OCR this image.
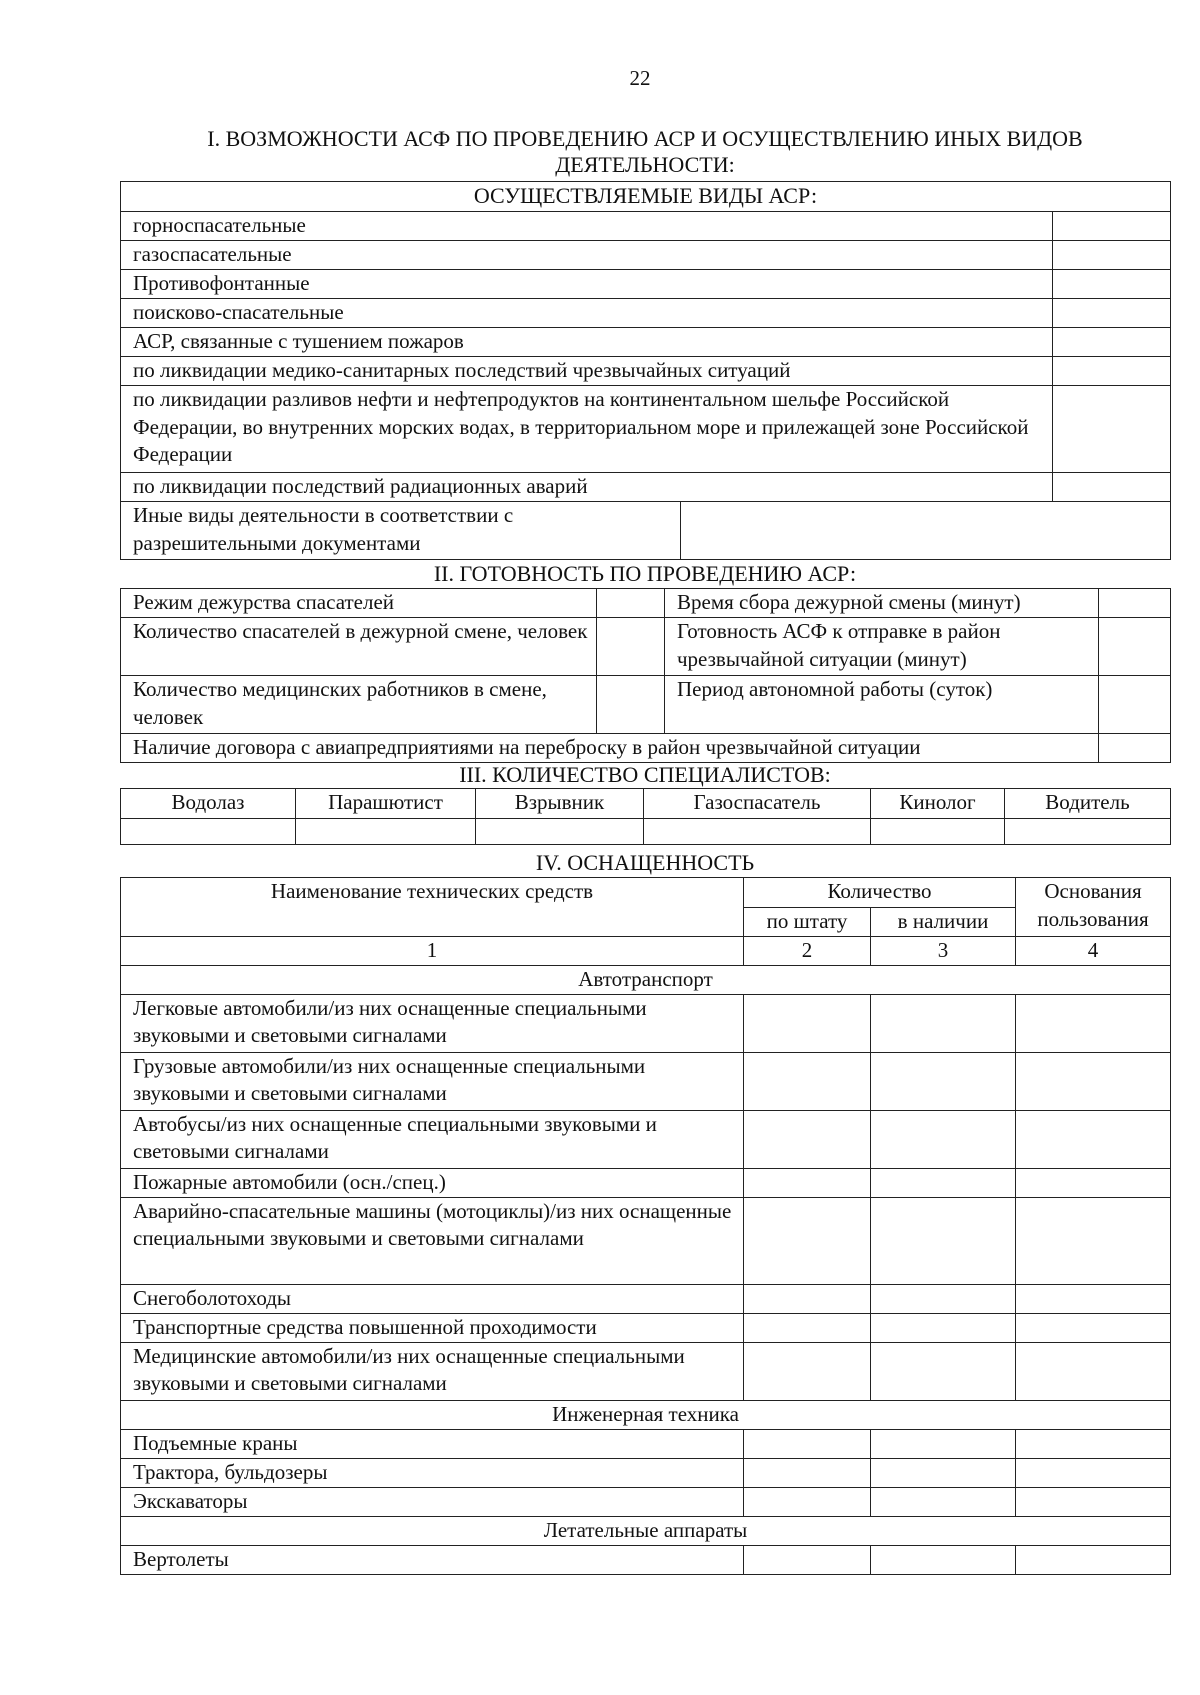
22
I. ВОЗМОЖНОСТИ АСФ ПО ПРОВЕДЕНИЮ АСР И ОСУЩЕСТВЛЕНИЮ ИНЫХ ВИДОВ ДЕЯТЕЛЬНОСТИ:
ОСУЩЕСТВЛЯЕМЫЕ ВИДЫ АСР:		
горноспасательные		
газоспасательные		
Противофонтанные		
поисково-спасательные		
АСР, связанные с тушением пожаров		
по ликвидации медико-санитарных последствий чрезвычайных ситуаций		
по ликвидации разливов нефти и нефтепродуктов на континентальном шельфе Российской Федерации, во внутренних морских водах, в территориальном море и прилежащей зоне Российской Федерации		
по ликвидации последствий радиационных аварий		
Иные виды деятельности в соответствии с разрешительными документами		
II. ГОТОВНОСТЬ ПО ПРОВЕДЕНИЮ АСР:
Режим дежурства спасателей		Время сбора дежурной смены (минут)	
Количество спасателей в дежурной смене, человек		Готовность АСФ к отправке в район чрезвычайной ситуации (минут)	
Количество медицинских работников в смене, человек		Период автономной работы (суток)	
Наличие договора с авиапредприятиями на переброску в район чрезвычайной ситуации			
III. КОЛИЧЕСТВО СПЕЦИАЛИСТОВ:
Водолаз	Парашютист	Взрывник	Газоспасатель	Кинолог	Водитель

IV. ОСНАЩЕННОСТЬ
Наименование технических средств	Количество		Основания пользования
	по штату	в наличии	
1	2	3	4
Автотранспорт			
Легковые автомобили/из них оснащенные специальными звуковыми и световыми сигналами			
Грузовые автомобили/из них оснащенные специальными звуковыми и световыми сигналами			
Автобусы/из них оснащенные специальными звуковыми и световыми сигналами			
Пожарные автомобили (осн./спец.)			
Аварийно-спасательные машины (мотоциклы)/из них оснащенные специальными звуковыми и световыми сигналами			
Снегоболотоходы			
Транспортные средства повышенной проходимости			
Медицинские автомобили/из них оснащенные специальными звуковыми и световыми сигналами			
Инженерная техника			
Подъемные краны			
Трактора, бульдозеры			
Экскаваторы			
Летательные аппараты			
Вертолеты			
